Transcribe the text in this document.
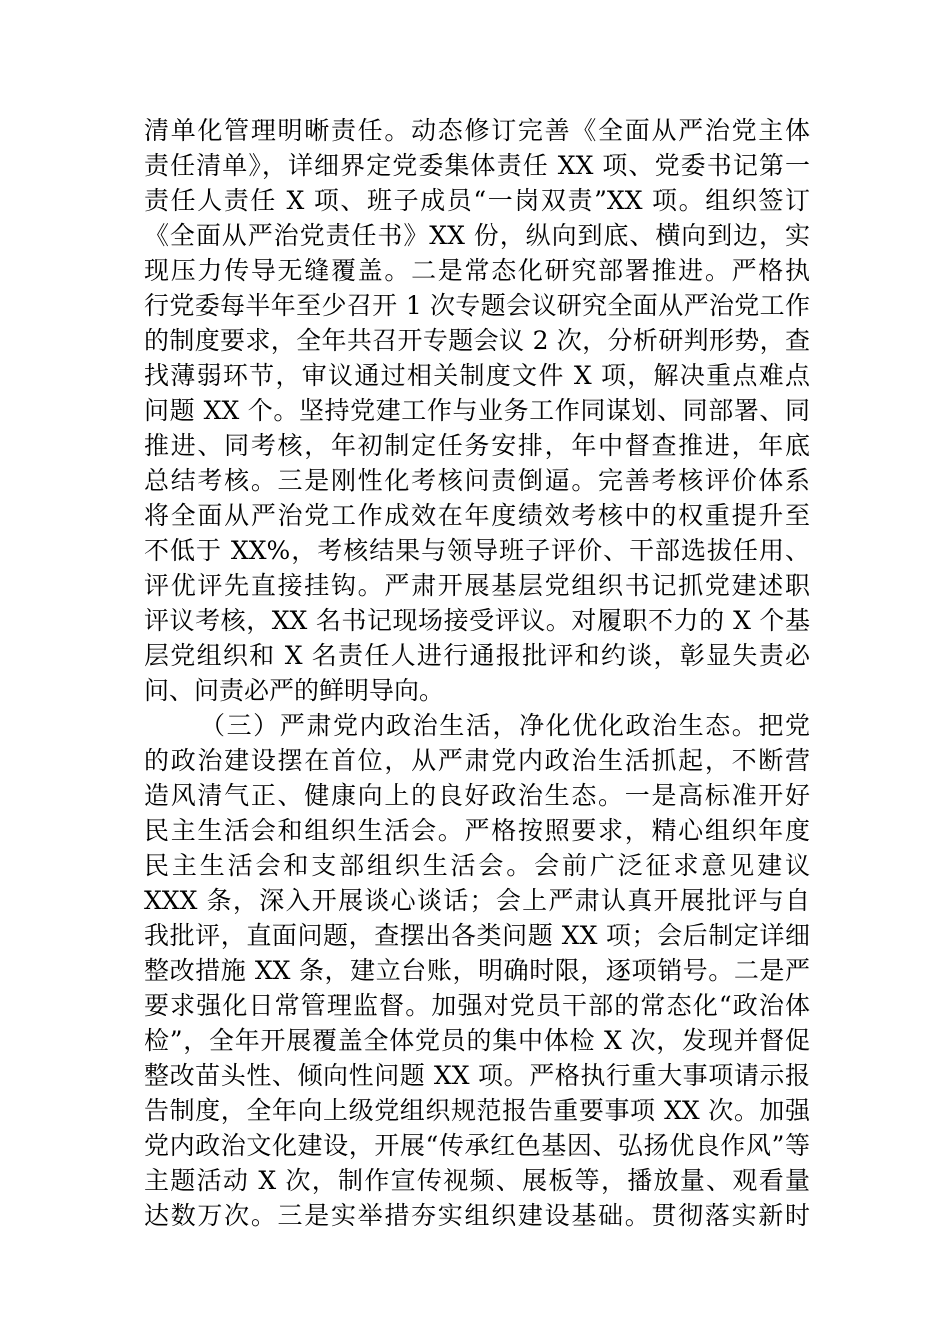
清单化管理明晰责任。动态修订完善《全面从严治党主体
责任清单》，详细界定党委集体责任 XX 项、党委书记第一
责任人责任 X 项、班子成员“一岗双责”XX 项。组织签订
《全面从严治党责任书》XX 份，纵向到底、横向到边，实
现压力传导无缝覆盖。二是常态化研究部署推进。严格执
行党委每半年至少召开 1 次专题会议研究全面从严治党工作
的制度要求，全年共召开专题会议 2 次，分析研判形势，查
找薄弱环节，审议通过相关制度文件 X 项，解决重点难点
问题 XX 个。坚持党建工作与业务工作同谋划、同部署、同
推进、同考核，年初制定任务安排，年中督查推进，年底
总结考核。三是刚性化考核问责倒逼。完善考核评价体系
将全面从严治党工作成效在年度绩效考核中的权重提升至
不低于 XX%，考核结果与领导班子评价、干部选拔任用、
评优评先直接挂钩。严肃开展基层党组织书记抓党建述职
评议考核，XX 名书记现场接受评议。对履职不力的 X 个基
层党组织和 X 名责任人进行通报批评和约谈，彰显失责必
问、问责必严的鲜明导向。
（三）严肃党内政治生活，净化优化政治生态。把党
的政治建设摆在首位，从严肃党内政治生活抓起，不断营
造风清气正、健康向上的良好政治生态。一是高标准开好
民主生活会和组织生活会。严格按照要求，精心组织年度
民主生活会和支部组织生活会。会前广泛征求意见建议
XXX 条，深入开展谈心谈话；会上严肃认真开展批评与自
我批评，直面问题，查摆出各类问题 XX 项；会后制定详细
整改措施 XX 条，建立台账，明确时限，逐项销号。二是严
要求强化日常管理监督。加强对党员干部的常态化“政治体
检”，全年开展覆盖全体党员的集中体检 X 次，发现并督促
整改苗头性、倾向性问题 XX 项。严格执行重大事项请示报
告制度，全年向上级党组织规范报告重要事项 XX 次。加强
党内政治文化建设，开展“传承红色基因、弘扬优良作风”等
主题活动 X 次，制作宣传视频、展板等，播放量、观看量
达数万次。三是实举措夯实组织建设基础。贯彻落实新时
